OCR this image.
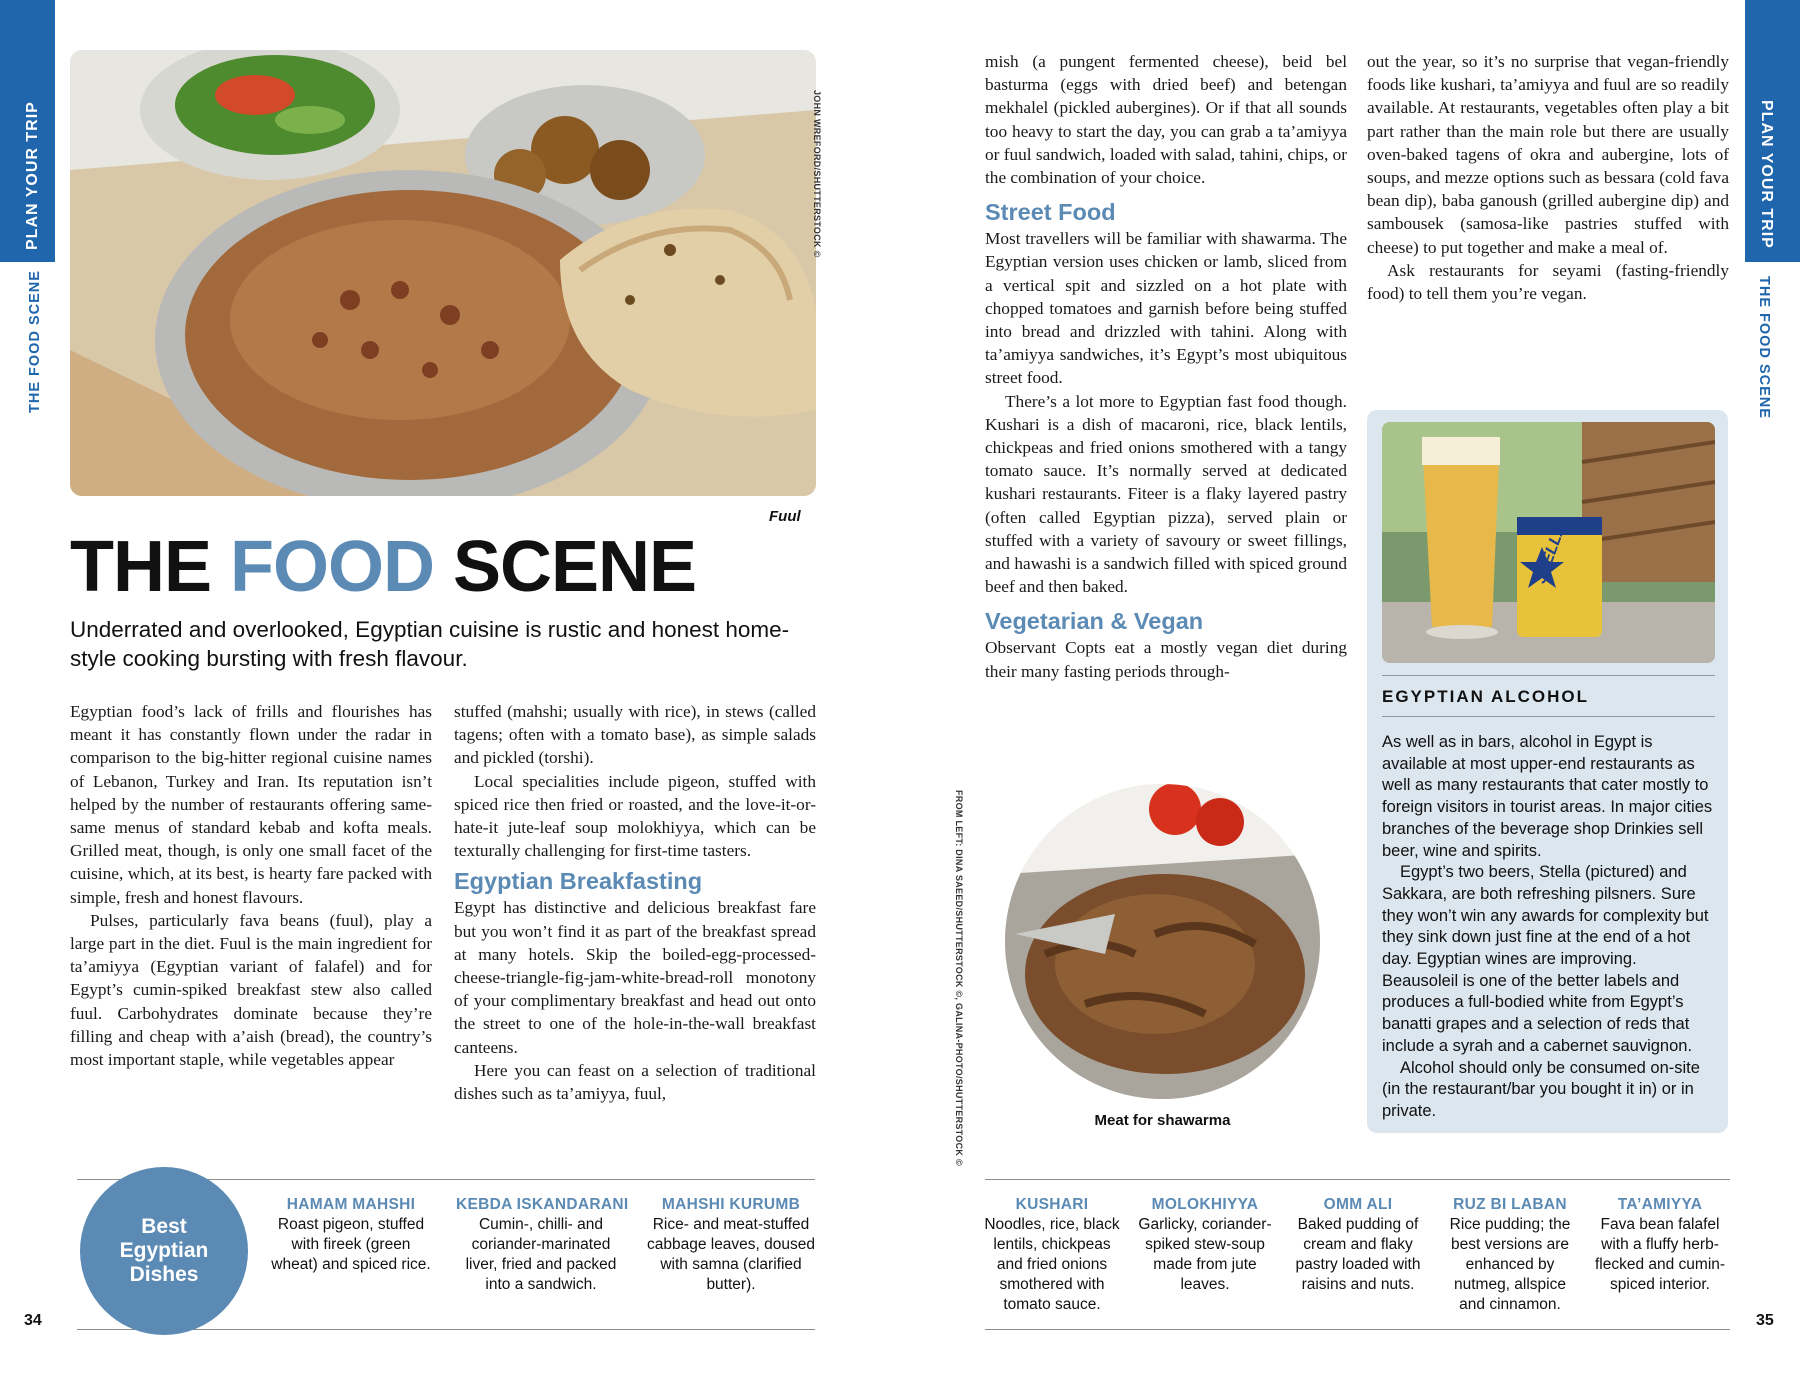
PLAN YOUR TRIP
THE FOOD SCENE
PLAN YOUR TRIP
THE FOOD SCENE
JOHN WREFORD/SHUTTERSTOCK ©
Fuul
THE FOOD SCENE
Underrated and overlooked, Egyptian cuisine is rustic and honest home-style cooking bursting with fresh flavour.

Egyptian food’s lack of frills and flourishes has meant it has constantly flown under the radar in comparison to the big-hitter regional cuisine names of Lebanon, Turkey and Iran. Its reputation isn’t helped by the number of restaurants offering same-same menus of standard kebab and kofta meals. Grilled meat, though, is only one small facet of the cuisine, which, at its best, is hearty fare packed with simple, fresh and honest flavours.

Pulses, particularly fava beans (fuul), play a large part in the diet. Fuul is the main ingredient for ta’amiyya (Egyptian variant of falafel) and for Egypt’s cumin-spiked breakfast stew also called fuul. Carbohydrates dominate because they’re filling and cheap with a’aish (bread), the country’s most important staple, while vegetables appear

stuffed (mahshi; usually with rice), in stews (called tagens; often with a tomato base), as simple salads and pickled (torshi).

Local specialities include pigeon, stuffed with spiced rice then fried or roasted, and the love-it-or-hate-it jute-leaf soup molokhiyya, which can be texturally challenging for first-time tasters.

Egyptian Breakfasting

Egypt has distinctive and delicious breakfast fare but you won’t find it as part of the breakfast spread at many hotels. Skip the boiled-egg-processed-cheese-triangle-fig-jam-white-bread-roll monotony of your complimentary breakfast and head out onto the street to one of the hole-in-the-wall breakfast canteens.

Here you can feast on a selection of traditional dishes such as ta’amiyya, fuul,

mish (a pungent fermented cheese), beid bel basturma (eggs with dried beef) and betengan mekhalel (pickled aubergines). Or if that all sounds too heavy to start the day, you can grab a ta’amiyya or fuul sandwich, loaded with salad, tahini, chips, or the combination of your choice.

Street Food

Most travellers will be familiar with shawarma. The Egyptian version uses chicken or lamb, sliced from a vertical spit and sizzled on a hot plate with chopped tomatoes and garnish before being stuffed into bread and drizzled with tahini. Along with ta’amiyya sandwiches, it’s Egypt’s most ubiquitous street food.

There’s a lot more to Egyptian fast food though. Kushari is a dish of macaroni, rice, black lentils, chickpeas and fried onions smothered with a tangy tomato sauce. It’s normally served at dedicated kushari restaurants. Fiteer is a flaky layered pastry (often called Egyptian pizza), served plain or stuffed with a variety of savoury or sweet fillings, and hawashi is a sandwich filled with spiced ground beef and then baked.

Vegetarian & Vegan

Observant Copts eat a mostly vegan diet during their many fasting periods through-

out the year, so it’s no surprise that vegan-friendly foods like kushari, ta’amiyya and fuul are so readily available. At restaurants, vegetables often play a bit part rather than the main role but there are usually oven-baked tagens of okra and aubergine, lots of soups, and mezze options such as bessara (cold fava bean dip), baba ganoush (grilled aubergine dip) and sambousek (samosa-like pastries stuffed with cheese) to put together and make a meal of.

Ask restaurants for seyami (fasting-friendly food) to tell them you’re vegan.

Meat for shawarma
FROM LEFT: DINA SAEED/SHUTTERSTOCK ©, GALINA-PHOTO/SHUTTERSTOCK ©
STELLA
EGYPTIAN ALCOHOL

As well as in bars, alcohol in Egypt is available at most upper-end restaurants as well as many restaurants that cater mostly to foreign visitors in tourist areas. In major cities branches of the beverage shop Drinkies sell beer, wine and spirits.

Egypt’s two beers, Stella (pictured) and Sakkara, are both refreshing pilsners. Sure they won’t win any awards for complexity but they sink down just fine at the end of a hot day. Egyptian wines are improving. Beausoleil is one of the better labels and produces a full-bodied white from Egypt’s banatti grapes and a selection of reds that include a syrah and a cabernet sauvignon.

Alcohol should only be consumed on-site (in the restaurant/bar you bought it in) or in private.

Best Egyptian Dishes
HAMAM MAHSHI
Roast pigeon, stuffed with fireek (green wheat) and spiced rice.
KEBDA ISKANDARANI
Cumin-, chilli- and coriander-marinated liver, fried and packed into a sandwich.
MAHSHI KURUMB
Rice- and meat-stuffed cabbage leaves, doused with samna (clarified butter).
KUSHARI
Noodles, rice, black lentils, chickpeas and fried onions smothered with tomato sauce.
MOLOKHIYYA
Garlicky, coriander-spiked stew-soup made from jute leaves.
OMM ALI
Baked pudding of cream and flaky pastry loaded with raisins and nuts.
RUZ BI LABAN
Rice pudding; the best versions are enhanced by nutmeg, allspice and cinnamon.
TA’AMIYYA
Fava bean falafel with a fluffy herb-flecked and cumin-spiced interior.
34	35
